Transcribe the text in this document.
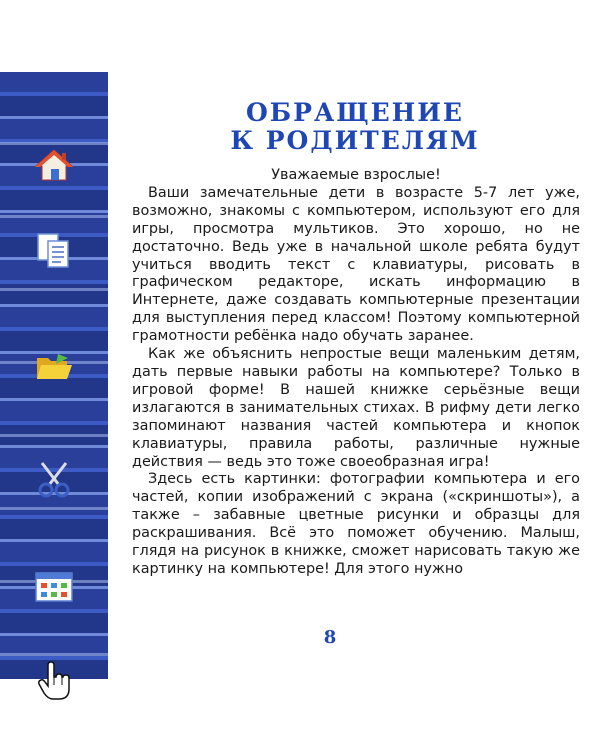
ОБРАЩЕНИЕ
К РОДИТЕЛЯМ

Уважаемые взрослые!

Ваши замечательные дети в возрасте 5-7 лет уже, возможно, знакомы с компьютером, используют его для игры, просмотра мультиков. Это хорошо, но не достаточно. Ведь уже в начальной школе ребята будут учиться вводить текст с клавиатуры, рисовать в графическом редакторе, искать информацию в Интернете, даже создавать компьютерные презентации для выступления перед классом! Поэтому компьютерной грамотности ребёнка надо обучать заранее.

Как же объяснить непростые вещи маленьким детям, дать первые навыки работы на компьютере? Только в игровой форме! В нашей книжке серьёзные вещи излагаются в занимательных стихах. В рифму дети легко запоминают названия частей компьютера и кнопок клавиатуры, правила работы, различные нужные действия — ведь это тоже своеобразная игра!

Здесь есть картинки: фотографии компьютера и его частей, копии изображений с экрана («скриншоты»), а также – забавные цветные рисунки и образцы для раскрашивания. Всё это поможет обучению. Малыш, глядя на рисунок в книжке, сможет нарисовать такую же картинку на компьютере! Для этого нужно

8
